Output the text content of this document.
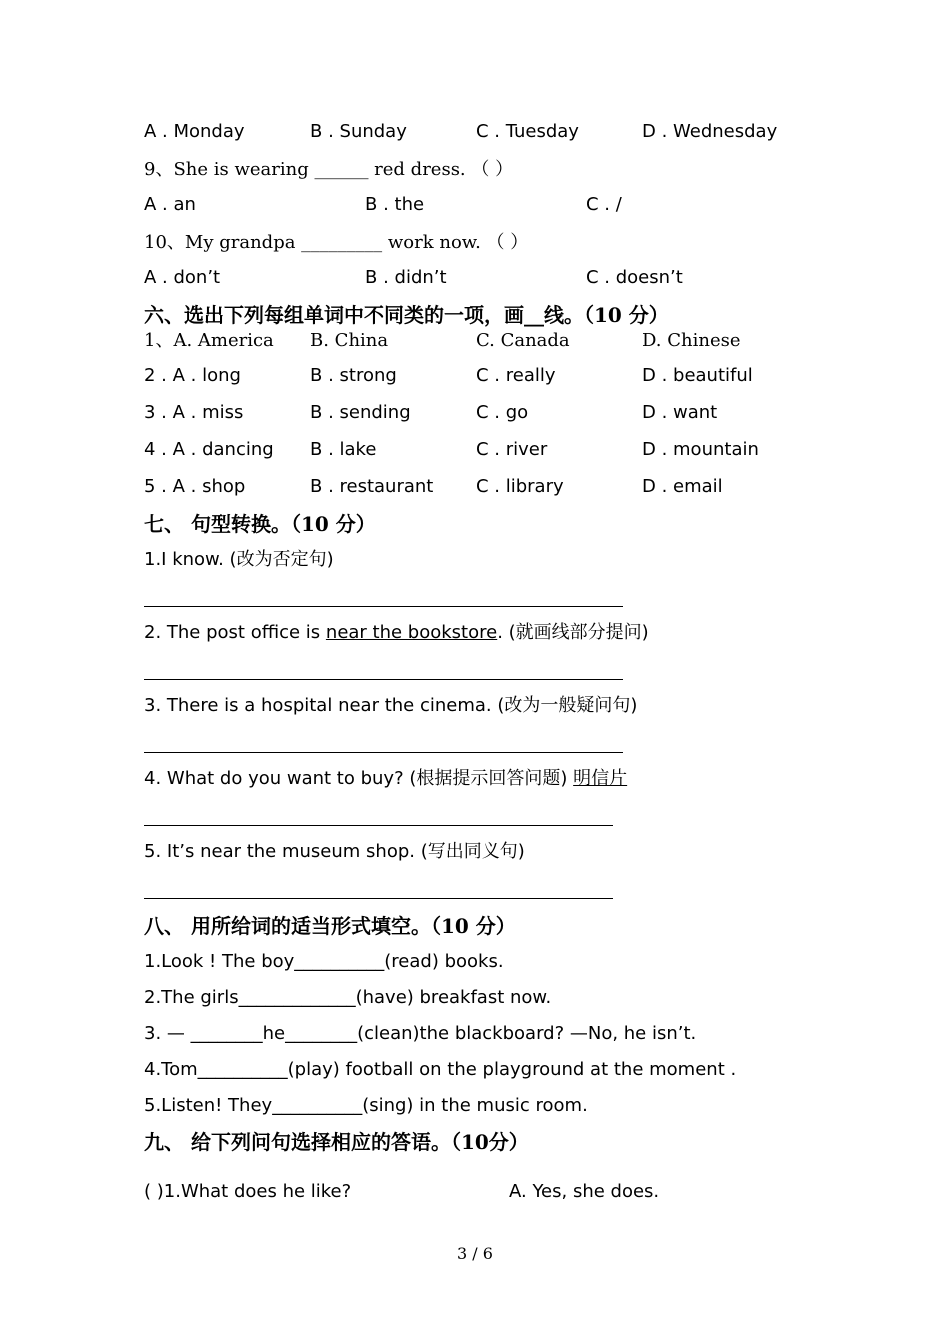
A . Monday	B . Sunday	C . Tuesday	D . Wednesday
9、She is wearing ______ red dress. （ ）
A . an	B . the	C . /
10、My grandpa _________ work now. （ ）
A . don’t	B . didn’t	C . doesn’t
六、选出下列每组单词中不同类的一项，画__线。（10 分）
1、A. America B. China	C. Canada	D. Chinese
2 . A . long	B . strong	C . really	D . beautiful
3 . A . miss	B . sending	C . go	D . want
4 . A . dancing B . lake	C . river	D . mountain
5 . A . shop	B . restaurant C . library	D . email
七、 句型转换。（10 分）
1.I know. (改为否定句)
2. The post office is near the bookstore. (就画线部分提问)
3. There is a hospital near the cinema. (改为一般疑问句)
4. What do you want to buy? (根据提示回答问题) 明信片
5. It’s near the museum shop. (写出同义句)
八、 用所给词的适当形式填空。（10 分）
1.Look ! The boy__________(read) books.
2.The girls_____________(have) breakfast now.
3. — ________he________(clean)the blackboard? —No, he isn’t.
4.Tom__________(play) football on the playground at the moment .
5.Listen! They__________(sing) in the music room.
九、 给下列问句选择相应的答语。（10分）
( )1.What does he like?	A. Yes, she does.
3 / 6
